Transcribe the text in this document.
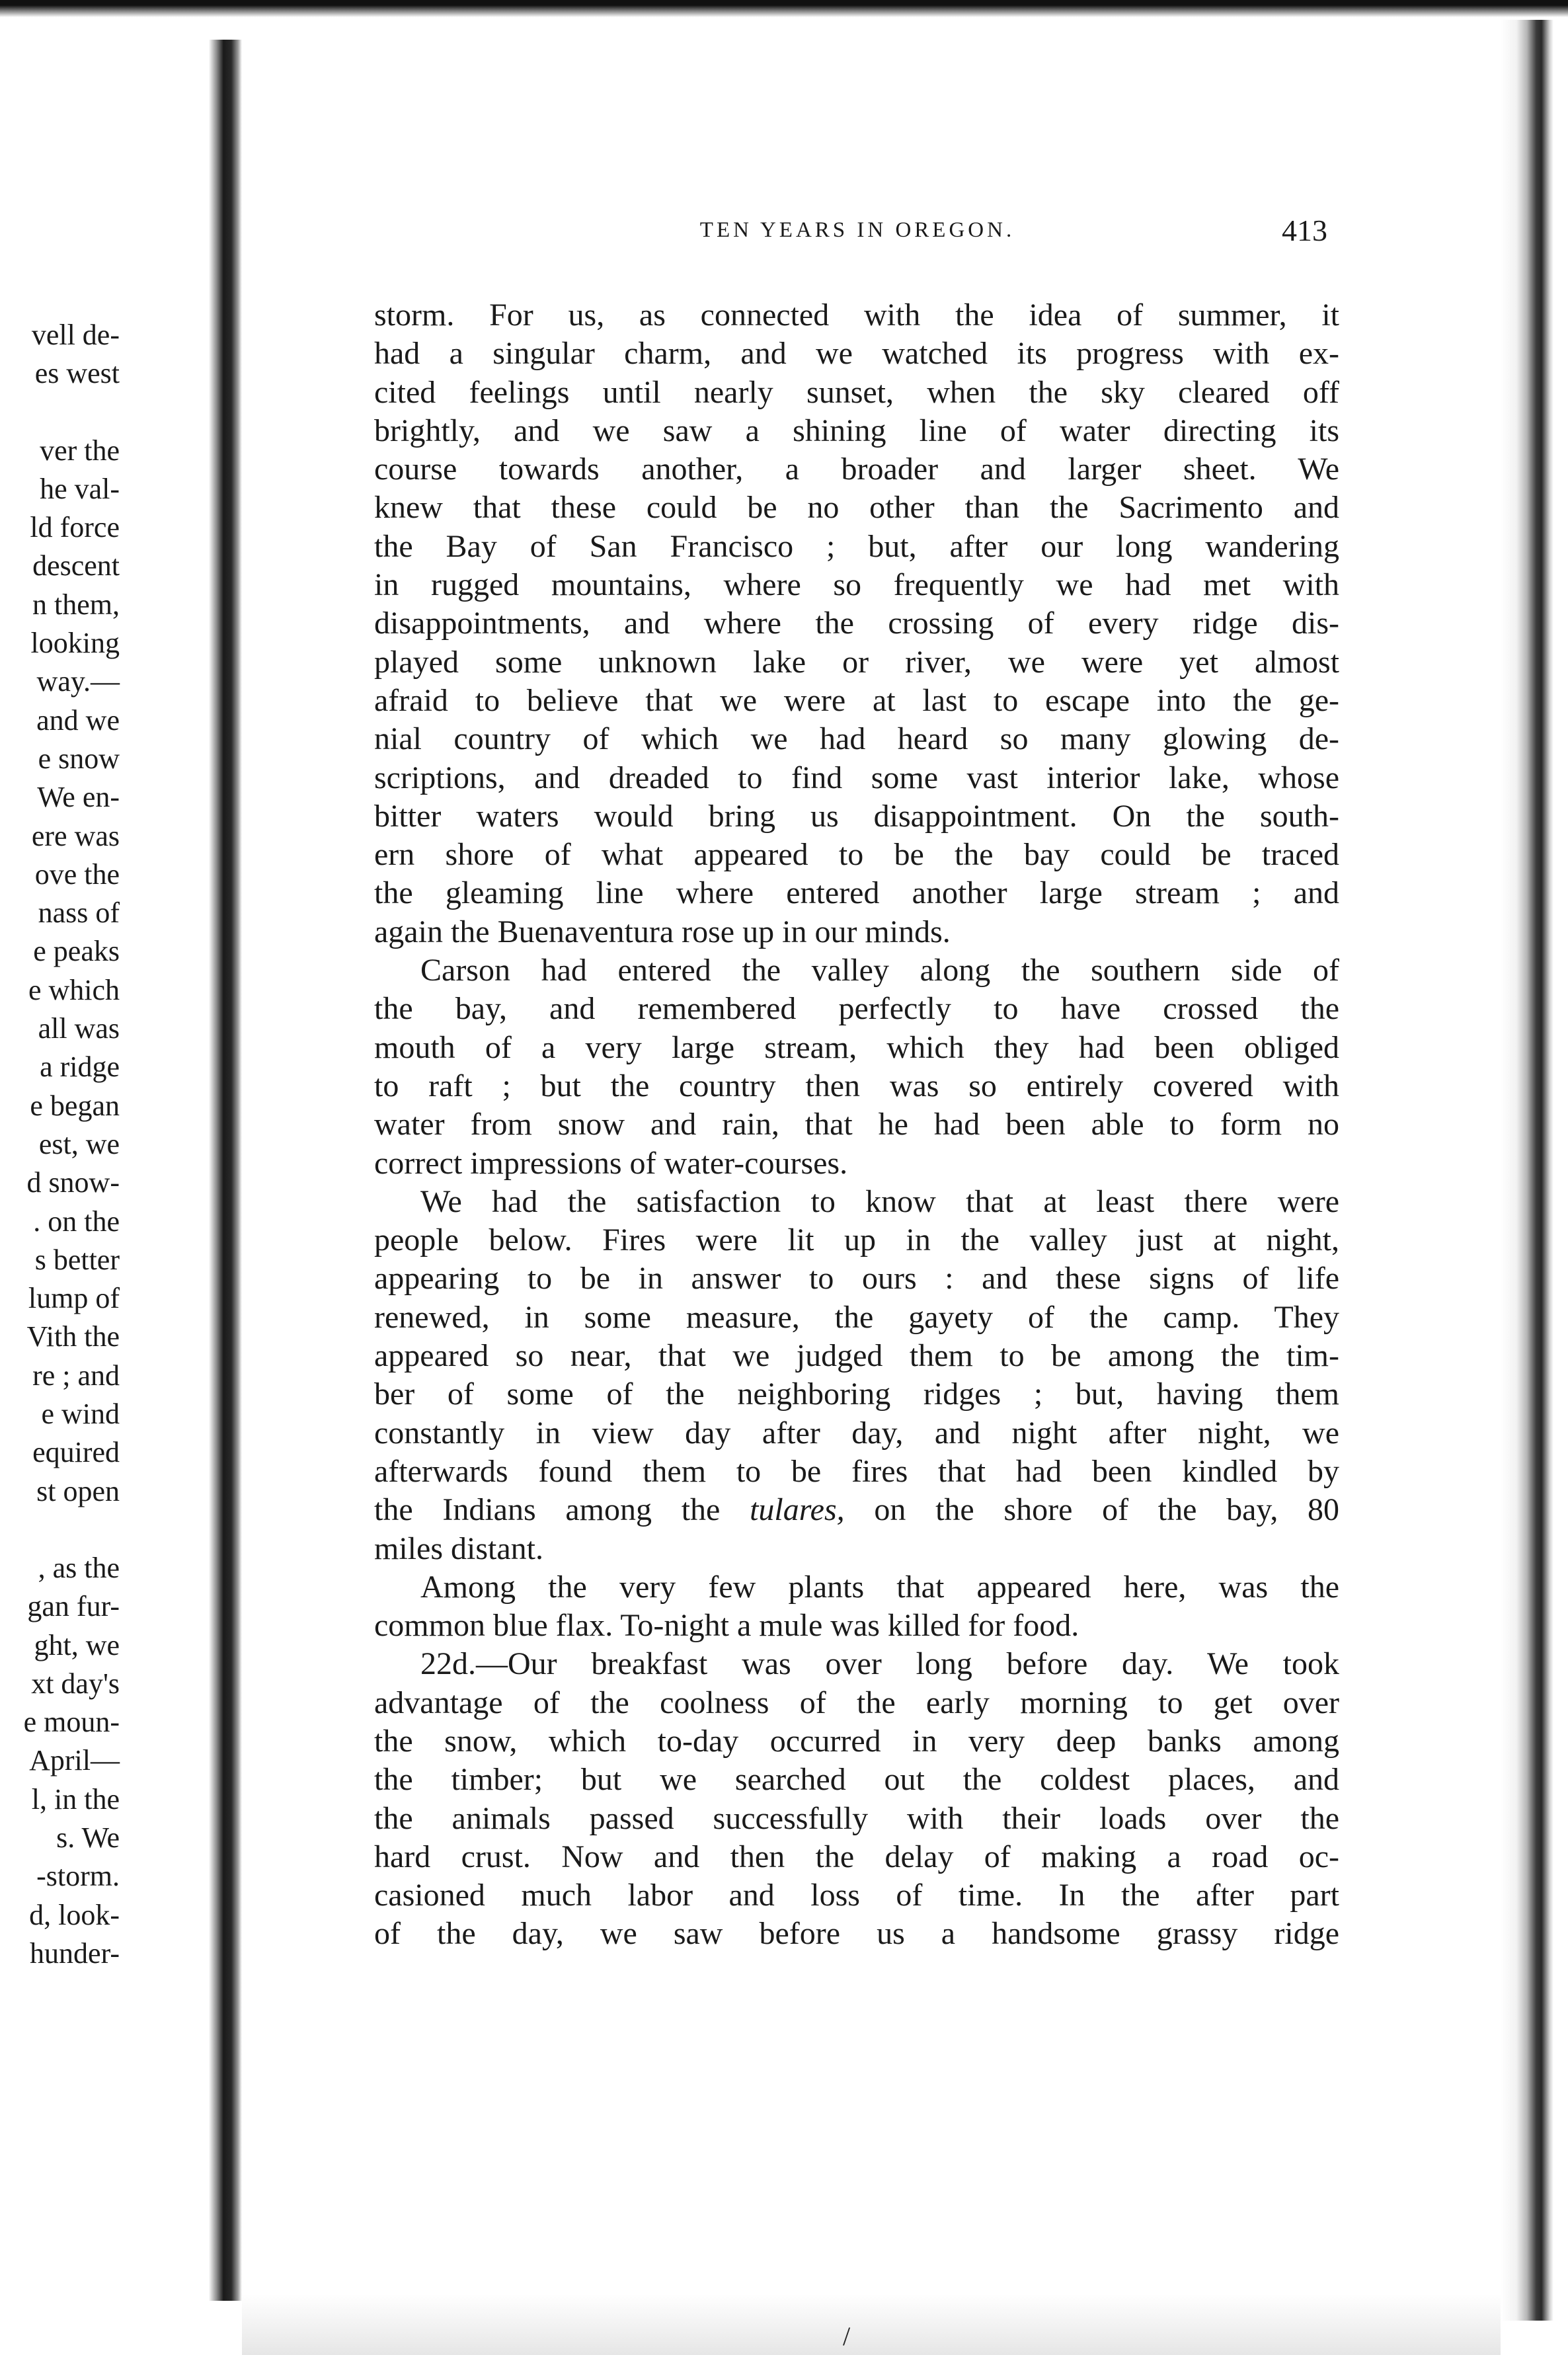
vell de-
es west
ver the
he val-
ld force
descent
n them,
looking
way.—
and we
e snow
We en-
ere was
ove the
nass of
e peaks
e which
all was
a ridge
e began
est, we
d snow-
. on the
s better
lump of
Vith the
re ; and
e wind
equired
st open
, as the
gan fur-
ght, we
xt day's
e moun-
April—
l, in the
s. We
-storm.
d, look-
hunder-
TEN YEARS IN OREGON.	413
storm. For us, as connected with the idea of summer, it
had a singular charm, and we watched its progress with ex-
cited feelings until nearly sunset, when the sky cleared off
brightly, and we saw a shining line of water directing its
course towards another, a broader and larger sheet. We
knew that these could be no other than the Sacrimento and
the Bay of San Francisco ; but, after our long wandering
in rugged mountains, where so frequently we had met with
disappointments, and where the crossing of every ridge dis-
played some unknown lake or river, we were yet almost
afraid to believe that we were at last to escape into the ge-
nial country of which we had heard so many glowing de-
scriptions, and dreaded to find some vast interior lake, whose
bitter waters would bring us disappointment. On the south-
ern shore of what appeared to be the bay could be traced
the gleaming line where entered another large stream ; and
again the Buenaventura rose up in our minds.
Carson had entered the valley along the southern side of
the bay, and remembered perfectly to have crossed the
mouth of a very large stream, which they had been obliged
to raft ; but the country then was so entirely covered with
water from snow and rain, that he had been able to form no
correct impressions of water-courses.
We had the satisfaction to know that at least there were
people below. Fires were lit up in the valley just at night,
appearing to be in answer to ours : and these signs of life
renewed, in some measure, the gayety of the camp. They
appeared so near, that we judged them to be among the tim-
ber of some of the neighboring ridges ; but, having them
constantly in view day after day, and night after night, we
afterwards found them to be fires that had been kindled by
the Indians among the tulares, on the shore of the bay, 80
miles distant.
Among the very few plants that appeared here, was the
common blue flax. To-night a mule was killed for food.
22d.—Our breakfast was over long before day. We took
advantage of the coolness of the early morning to get over
the snow, which to-day occurred in very deep banks among
the timber; but we searched out the coldest places, and
the animals passed successfully with their loads over the
hard crust. Now and then the delay of making a road oc-
casioned much labor and loss of time. In the after part
of the day, we saw before us a handsome grassy ridge
/
